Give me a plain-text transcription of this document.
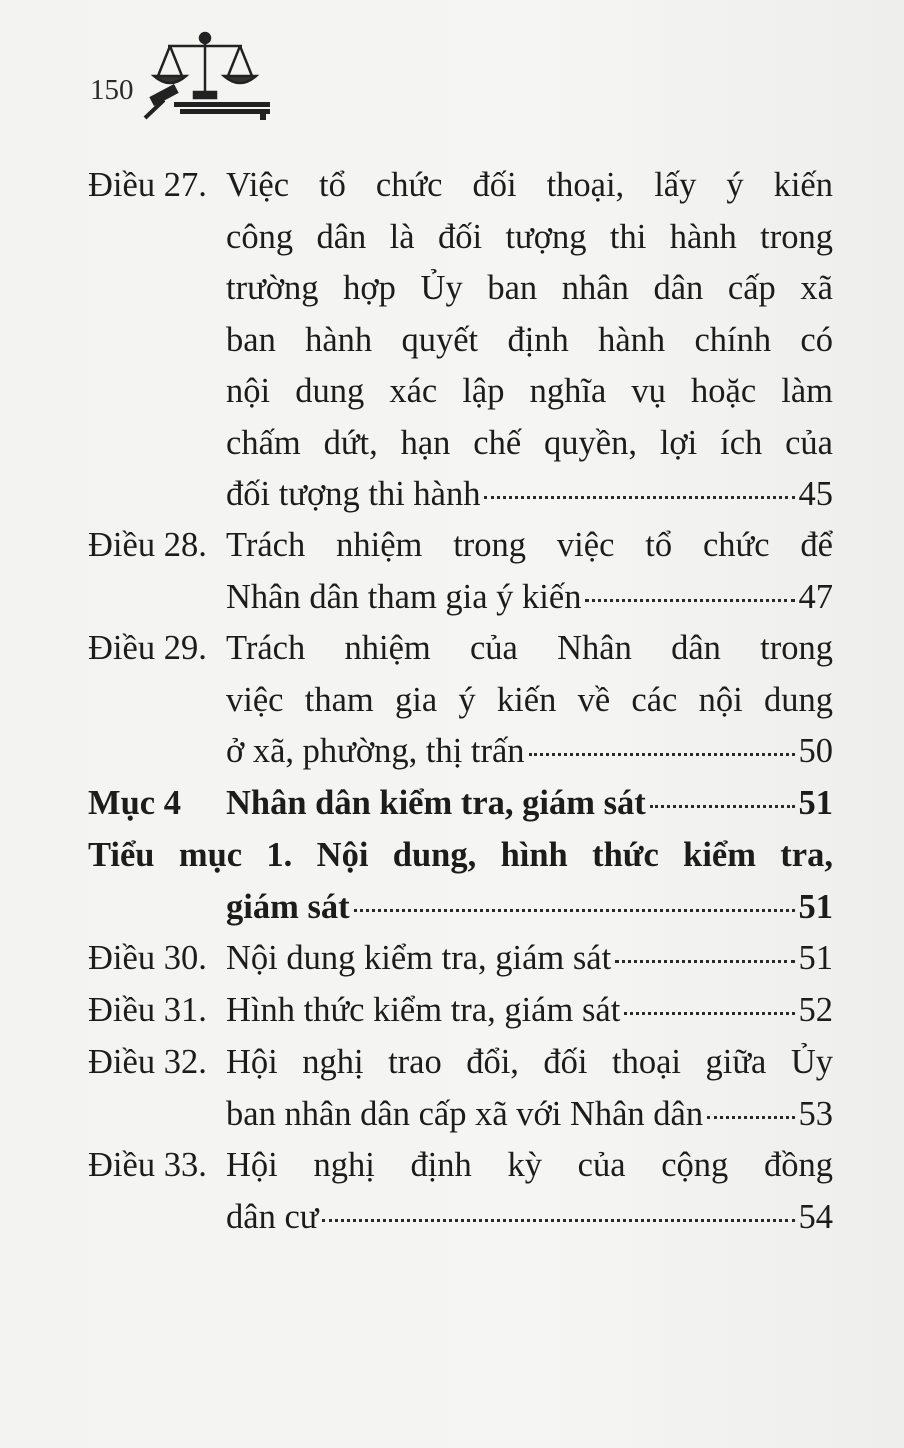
150
Điều 27. Việc tổ chức đối thoại, lấy ý kiến
công dân là đối tượng thi hành trong
trường hợp Ủy ban nhân dân cấp xã
ban hành quyết định hành chính có
nội dung xác lập nghĩa vụ hoặc làm
chấm dứt, hạn chế quyền, lợi ích của
đối tượng thi hành	45
Điều 28. Trách nhiệm trong việc tổ chức để
Nhân dân tham gia ý kiến	47
Điều 29. Trách nhiệm của Nhân dân trong
việc tham gia ý kiến về các nội dung
ở xã, phường, thị trấn	50
Mục 4 Nhân dân kiểm tra, giám sát	51
Tiểu mục 1. Nội dung, hình thức kiểm tra,
giám sát	51
Điều 30. Nội dung kiểm tra, giám sát	51
Điều 31. Hình thức kiểm tra, giám sát	52
Điều 32. Hội nghị trao đổi, đối thoại giữa Ủy
ban nhân dân cấp xã với Nhân dân	53
Điều 33. Hội nghị định kỳ của cộng đồng
dân cư	54
